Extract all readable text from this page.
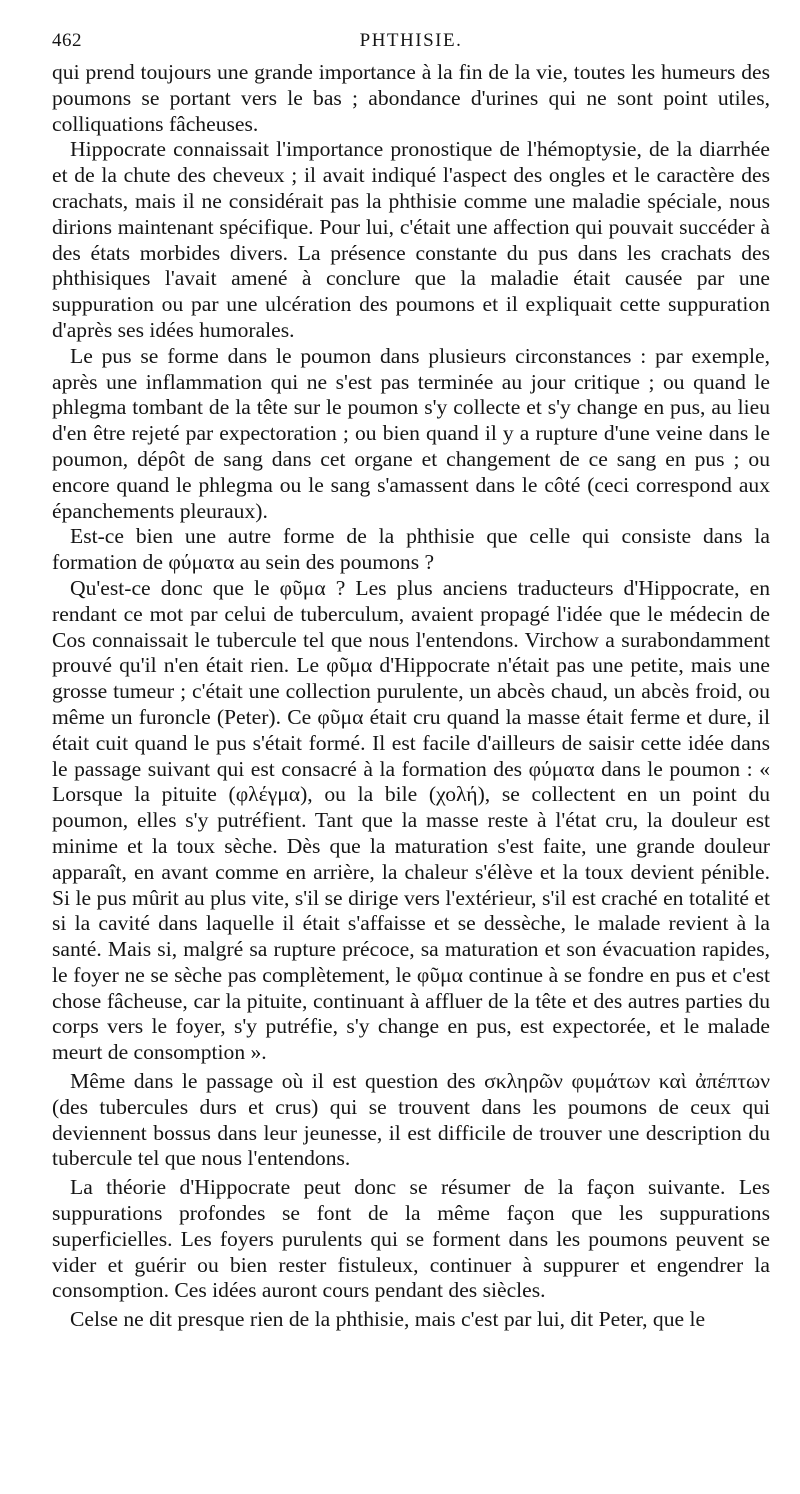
462	PHTHISIE.

qui prend toujours une grande importance à la fin de la vie, toutes les humeurs des poumons se portant vers le bas ; abondance d'urines qui ne sont point utiles, colliquations fâcheuses.

Hippocrate connaissait l'importance pronostique de l'hémoptysie, de la diarrhée et de la chute des cheveux ; il avait indiqué l'aspect des ongles et le caractère des crachats, mais il ne considérait pas la phthisie comme une maladie spéciale, nous dirions maintenant spécifique. Pour lui, c'était une affection qui pouvait succéder à des états morbides divers. La présence constante du pus dans les crachats des phthisiques l'avait amené à conclure que la maladie était causée par une suppuration ou par une ulcération des poumons et il expliquait cette suppuration d'après ses idées humorales.

Le pus se forme dans le poumon dans plusieurs circonstances : par exemple, après une inflammation qui ne s'est pas terminée au jour critique ; ou quand le phlegma tombant de la tête sur le poumon s'y collecte et s'y change en pus, au lieu d'en être rejeté par expectoration ; ou bien quand il y a rupture d'une veine dans le poumon, dépôt de sang dans cet organe et changement de ce sang en pus ; ou encore quand le phlegma ou le sang s'amassent dans le côté (ceci correspond aux épanchements pleuraux).

Est-ce bien une autre forme de la phthisie que celle qui consiste dans la formation de φύματα au sein des poumons ?

Qu'est-ce donc que le φῦμα ? Les plus anciens traducteurs d'Hippocrate, en rendant ce mot par celui de tuberculum, avaient propagé l'idée que le médecin de Cos connaissait le tubercule tel que nous l'entendons. Virchow a surabondamment prouvé qu'il n'en était rien. Le φῦμα d'Hippocrate n'était pas une petite, mais une grosse tumeur ; c'était une collection purulente, un abcès chaud, un abcès froid, ou même un furoncle (Peter). Ce φῦμα était cru quand la masse était ferme et dure, il était cuit quand le pus s'était formé. Il est facile d'ailleurs de saisir cette idée dans le passage suivant qui est consacré à la formation des φύματα dans le poumon : « Lorsque la pituite (φλέγμα), ou la bile (χολή), se collectent en un point du poumon, elles s'y putréfient. Tant que la masse reste à l'état cru, la douleur est minime et la toux sèche. Dès que la maturation s'est faite, une grande douleur apparaît, en avant comme en arrière, la chaleur s'élève et la toux devient pénible. Si le pus mûrit au plus vite, s'il se dirige vers l'extérieur, s'il est craché en totalité et si la cavité dans laquelle il était s'affaisse et se dessèche, le malade revient à la santé. Mais si, malgré sa rupture précoce, sa maturation et son évacuation rapides, le foyer ne se sèche pas complètement, le φῦμα continue à se fondre en pus et c'est chose fâcheuse, car la pituite, continuant à affluer de la tête et des autres parties du corps vers le foyer, s'y putréfie, s'y change en pus, est expectorée, et le malade meurt de consomption ».

Même dans le passage où il est question des σκληρῶν φυμάτων καὶ ἀπέπτων (des tubercules durs et crus) qui se trouvent dans les poumons de ceux qui deviennent bossus dans leur jeunesse, il est difficile de trouver une description du tubercule tel que nous l'entendons.

La théorie d'Hippocrate peut donc se résumer de la façon suivante. Les suppurations profondes se font de la même façon que les suppurations superficielles. Les foyers purulents qui se forment dans les poumons peuvent se vider et guérir ou bien rester fistuleux, continuer à suppurer et engendrer la consomption. Ces idées auront cours pendant des siècles.

Celse ne dit presque rien de la phthisie, mais c'est par lui, dit Peter, que le
